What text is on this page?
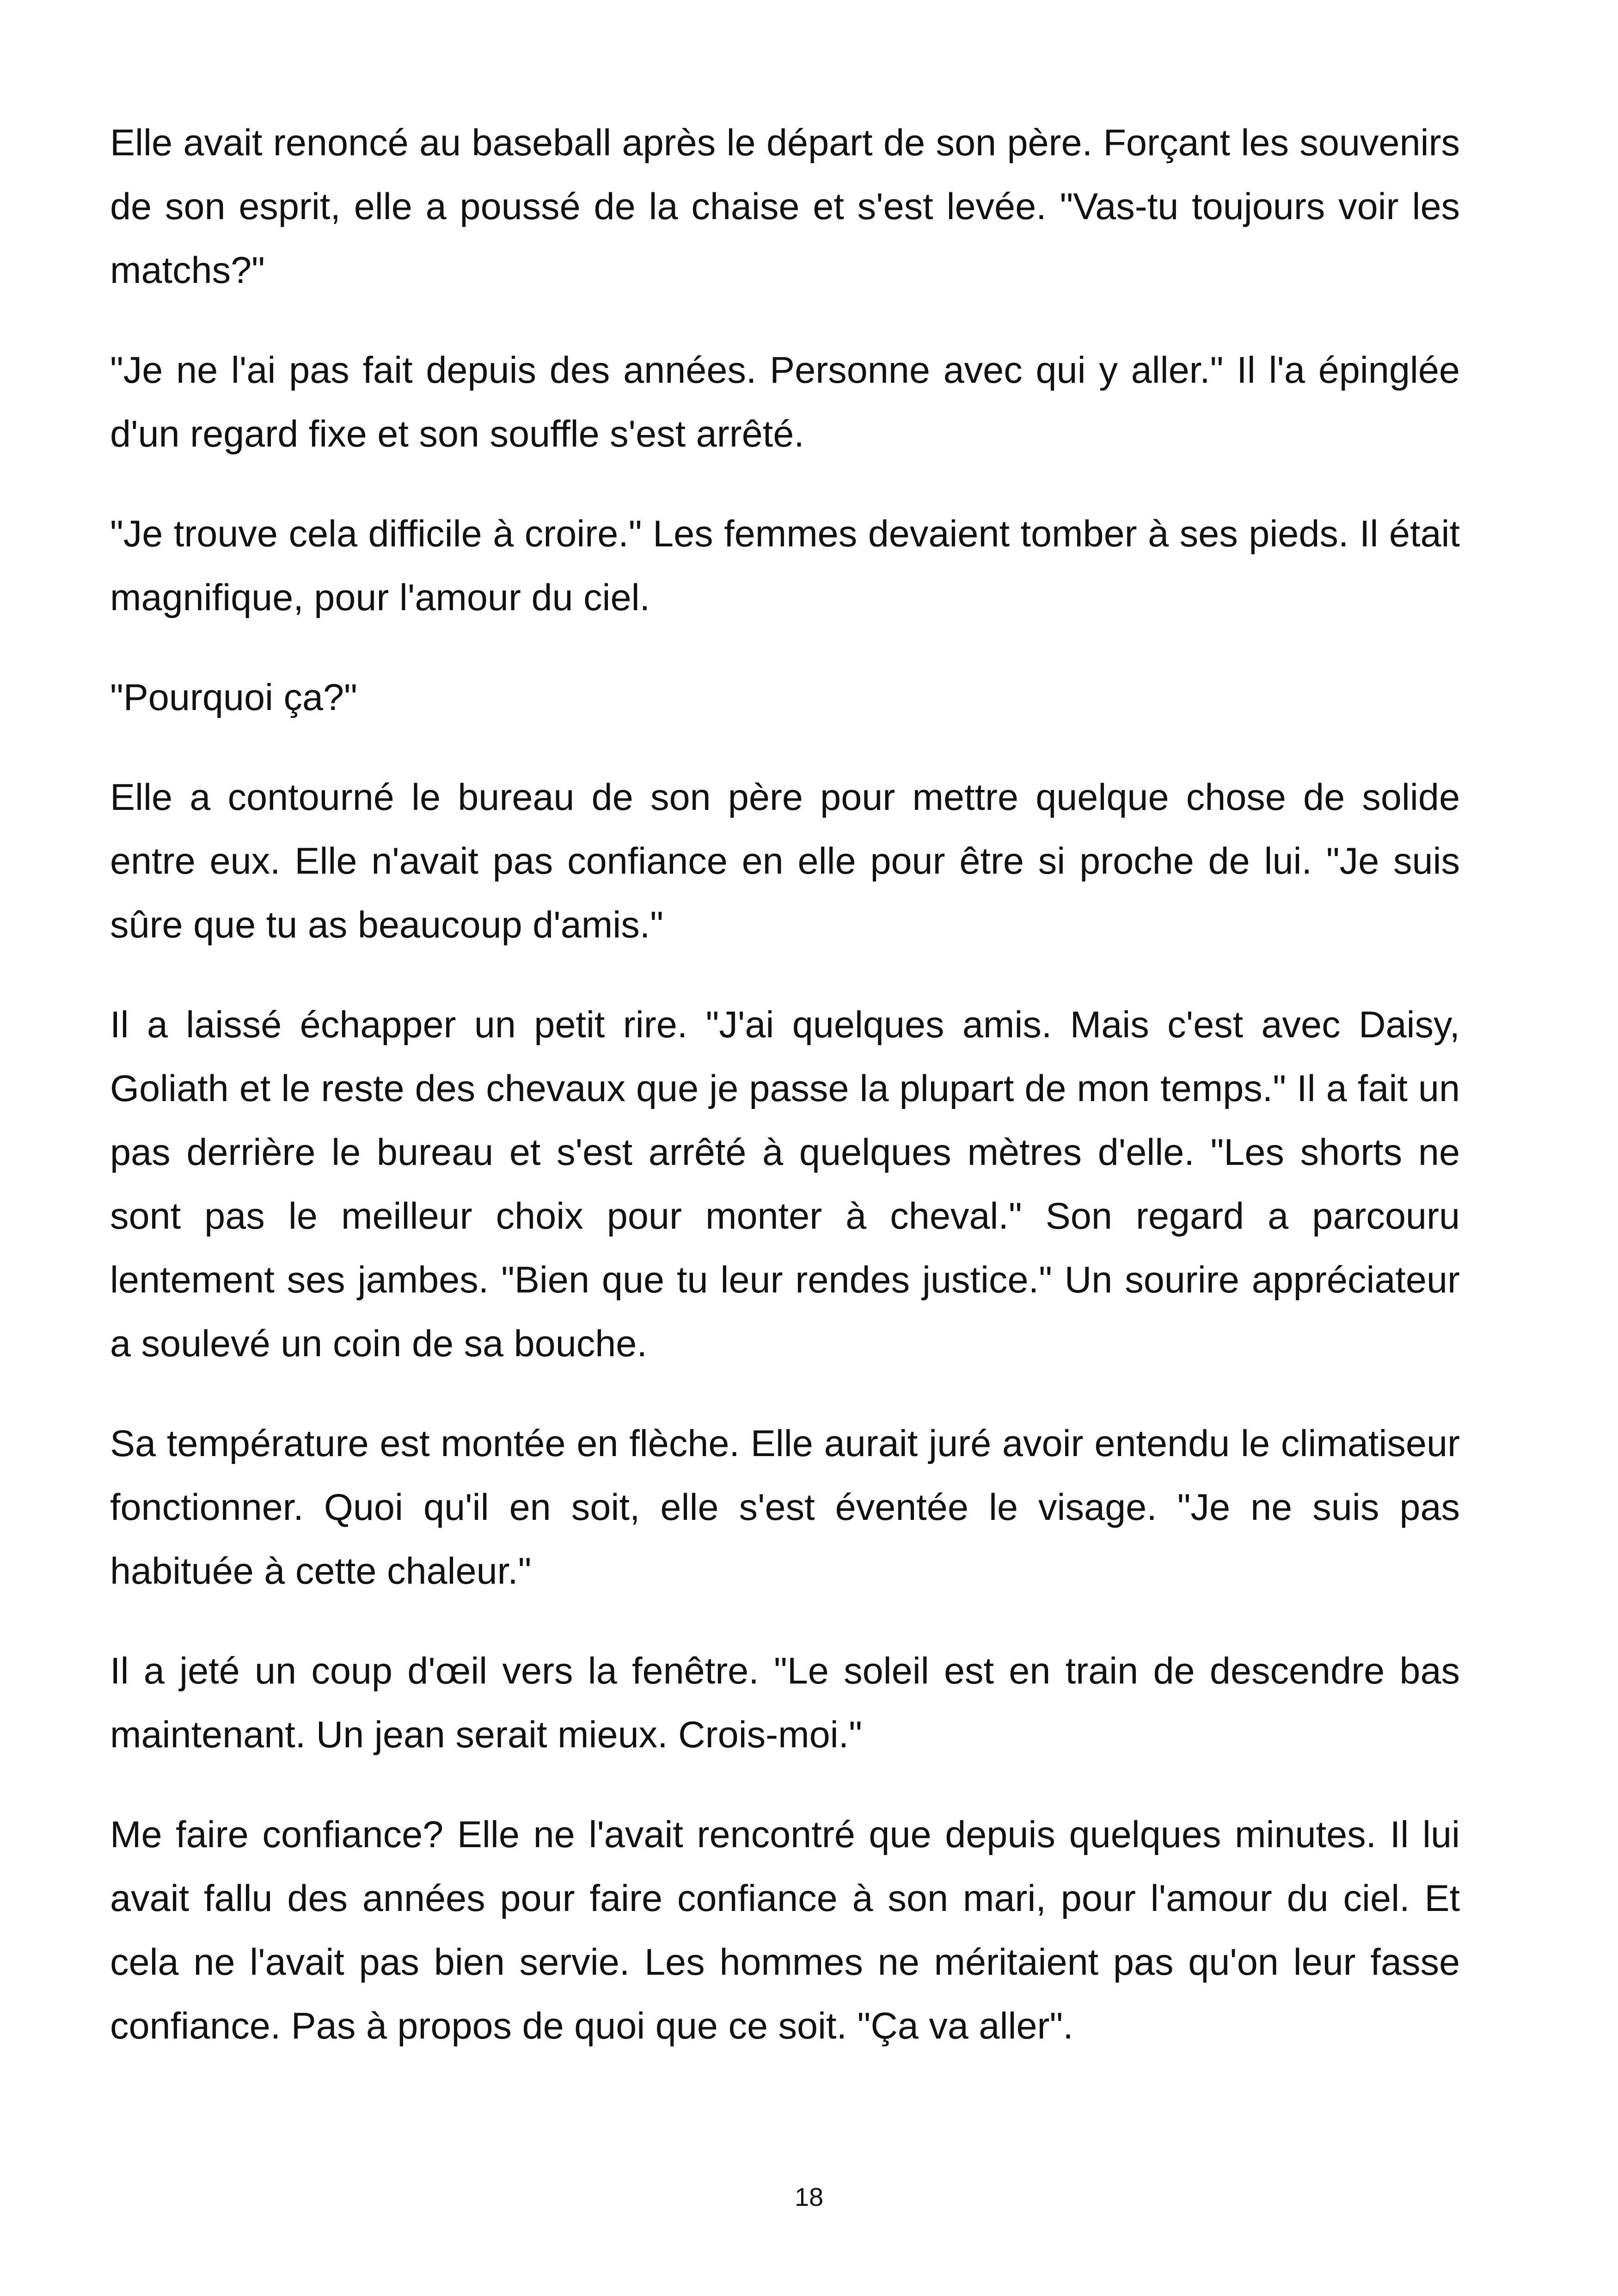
Elle avait renoncé au baseball après le départ de son père. Forçant les souvenirs de son esprit, elle a poussé de la chaise et s'est levée. "Vas-tu toujours voir les matchs?"

"Je ne l'ai pas fait depuis des années. Personne avec qui y aller." Il l'a épinglée d'un regard fixe et son souffle s'est arrêté.

"Je trouve cela difficile à croire." Les femmes devaient tomber à ses pieds. Il était magnifique, pour l'amour du ciel.

"Pourquoi ça?"

Elle a contourné le bureau de son père pour mettre quelque chose de solide entre eux. Elle n'avait pas confiance en elle pour être si proche de lui. "Je suis sûre que tu as beaucoup d'amis."

Il a laissé échapper un petit rire. "J'ai quelques amis. Mais c'est avec Daisy, Goliath et le reste des chevaux que je passe la plupart de mon temps." Il a fait un pas derrière le bureau et s'est arrêté à quelques mètres d'elle. "Les shorts ne sont pas le meilleur choix pour monter à cheval." Son regard a parcouru lentement ses jambes. "Bien que tu leur rendes justice." Un sourire appréciateur a soulevé un coin de sa bouche.

Sa température est montée en flèche. Elle aurait juré avoir entendu le climatiseur fonctionner. Quoi qu'il en soit, elle s'est éventée le visage. "Je ne suis pas habituée à cette chaleur."

Il a jeté un coup d'œil vers la fenêtre. "Le soleil est en train de descendre bas maintenant. Un jean serait mieux. Crois-moi."

Me faire confiance? Elle ne l'avait rencontré que depuis quelques minutes. Il lui avait fallu des années pour faire confiance à son mari, pour l'amour du ciel. Et cela ne l'avait pas bien servie. Les hommes ne méritaient pas qu'on leur fasse confiance. Pas à propos de quoi que ce soit. "Ça va aller".

18
